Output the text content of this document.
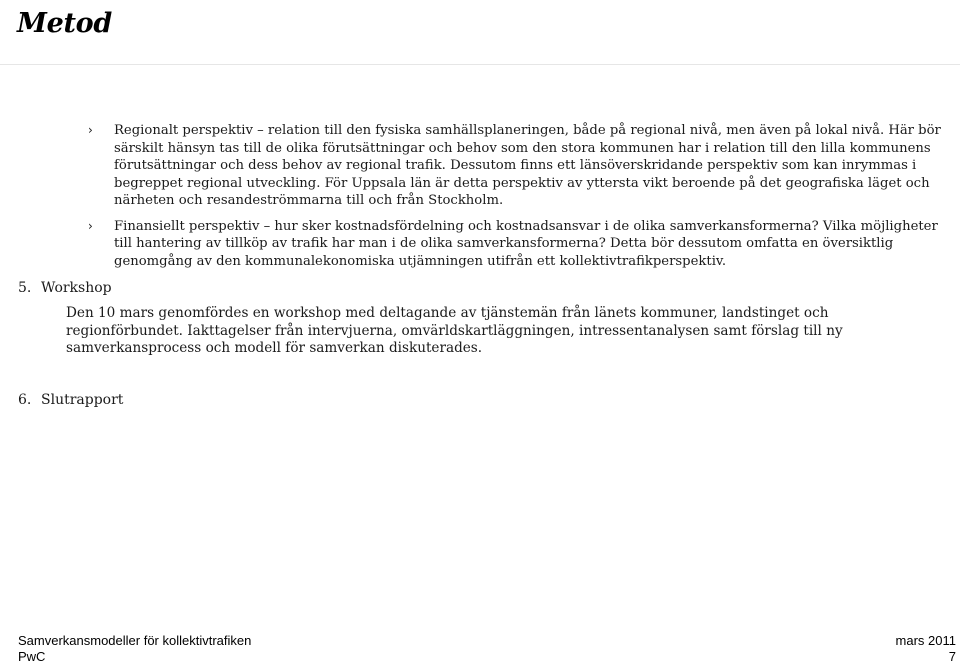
Metod
›	Regionalt perspektiv – relation till den fysiska samhällsplaneringen, både på regional nivå, men även på lokal nivå. Här bör särskilt hänsyn tas till de olika förutsättningar och behov som den stora kommunen har i relation till den lilla kommunens förutsättningar och dess behov av regional trafik. Dessutom finns ett länsöverskridande perspektiv som kan inrymmas i begreppet regional utveckling. För Uppsala län är detta perspektiv av yttersta vikt beroende på det geografiska läget och närheten och resandeströmmarna till och från Stockholm.
›	Finansiellt perspektiv – hur sker kostnadsfördelning och kostnadsansvar i de olika samverkansformerna? Vilka möjligheter till hantering av tillköp av trafik har man i de olika samverkansformerna? Detta bör dessutom omfatta en översiktlig genomgång av den kommunalekonomiska utjämningen utifrån ett kollektivtrafikperspektiv.
5. Workshop
Den 10 mars genomfördes en workshop med deltagande av tjänstemän från länets kommuner, landstinget och regionförbundet. Iakttagelser från intervjuerna, omvärldskartläggningen, intressentanalysen samt förslag till ny samverkansprocess och modell för samverkan diskuterades.
6. Slutrapport
Samverkansmodeller för kollektivtrafiken
PwC
mars 2011
7
